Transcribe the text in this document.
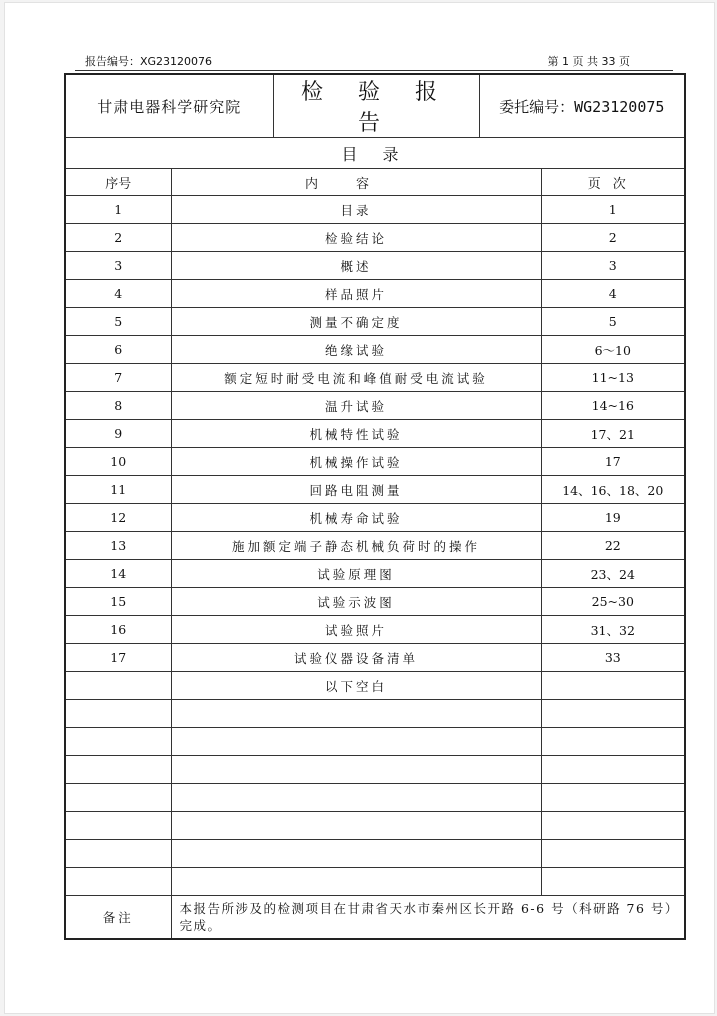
报告编号：XG23120076	第 1 页 共 33 页
甘肃电器科学研究院		检 验 报 告	委托编号：WG23120075	
目 录				
序号	内容			页次
1	目录			1
2	检验结论			2
3	概述			3
4	样品照片			4
5	测量不确定度			5
6	绝缘试验			6～10
7	额定短时耐受电流和峰值耐受电流试验			11~13
8	温升试验			14~16
9	机械特性试验			17、21
10	机械操作试验			17
11	回路电阻测量			14、16、18、20
12	机械寿命试验			19
13	施加额定端子静态机械负荷时的操作			22
14	试验原理图			23、24
15	试验示波图			25~30
16	试验照片			31、32
17	试验仪器设备清单			33
	以下空白			

备注	本报告所涉及的检测项目在甘肃省天水市秦州区长开路 6-6 号（科研路 76 号）完成。			
